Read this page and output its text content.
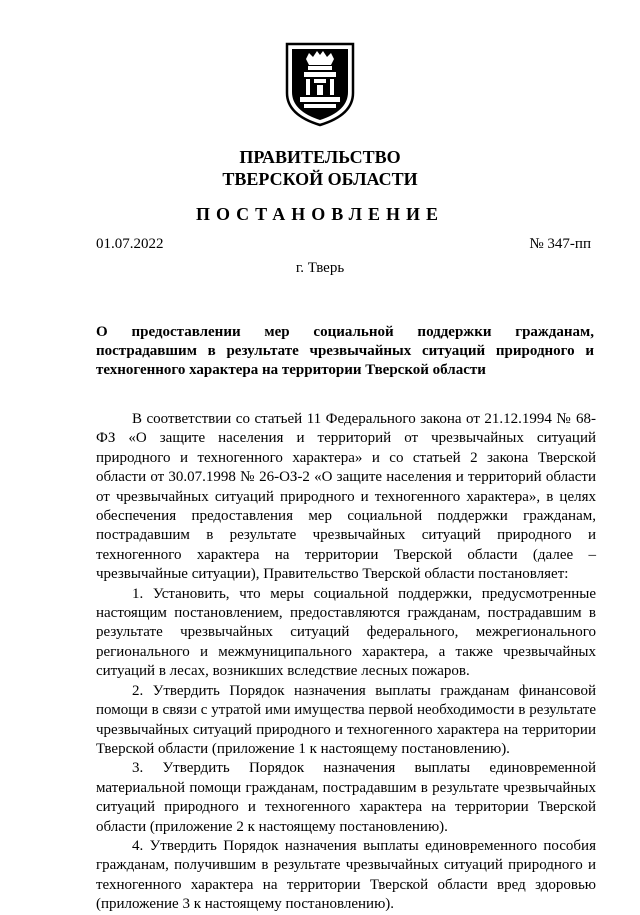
ПРАВИТЕЛЬСТВО
ТВЕРСКОЙ ОБЛАСТИ
ПОСТАНОВЛЕНИЕ
01.07.2022	№ 347-пп
г. Тверь

О предоставлении мер социальной поддержки гражданам, пострадавшим в результате чрезвычайных ситуаций природного и техногенного характера на территории Тверской области

В соответствии со статьей 11 Федерального закона от 21.12.1994 № 68-ФЗ «О защите населения и территорий от чрезвычайных ситуаций природного и техногенного характера» и со статьей 2 закона Тверской области от 30.07.1998 № 26-ОЗ-2 «О защите населения и территорий области от чрезвычайных ситуаций природного и техногенного характера», в целях обеспечения предоставления мер социальной поддержки гражданам, пострадавшим в результате чрезвычайных ситуаций природного и техногенного характера на территории Тверской области (далее – чрезвычайные ситуации), Правительство Тверской области постановляет:

1. Установить, что меры социальной поддержки, предусмотренные настоящим постановлением, предоставляются гражданам, пострадавшим в результате чрезвычайных ситуаций федерального, межрегионального регионального и межмуниципального характера, а также чрезвычайных ситуаций в лесах, возникших вследствие лесных пожаров.

2. Утвердить Порядок назначения выплаты гражданам финансовой помощи в связи с утратой ими имущества первой необходимости в результате чрезвычайных ситуаций природного и техногенного характера на территории Тверской области (приложение 1 к настоящему постановлению).

3. Утвердить Порядок назначения выплаты единовременной материальной помощи гражданам, пострадавшим в результате чрезвычайных ситуаций природного и техногенного характера на территории Тверской области (приложение 2 к настоящему постановлению).

4. Утвердить Порядок назначения выплаты единовременного пособия гражданам, получившим в результате чрезвычайных ситуаций природного и техногенного характера на территории Тверской области вред здоровью (приложение 3 к настоящему постановлению).
